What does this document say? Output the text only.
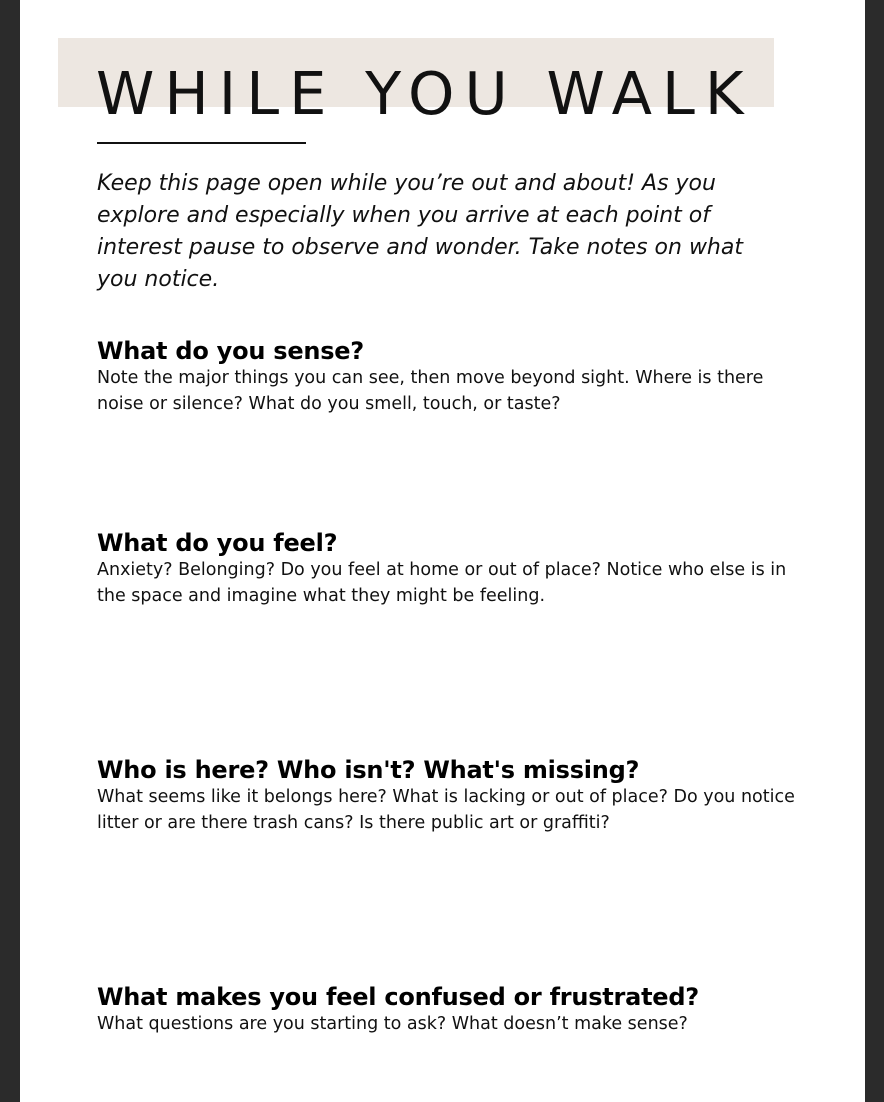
WHILE YOU WALK

Keep this page open while you’re out and about! As you explore and especially when you arrive at each point of interest pause to observe and wonder. Take notes on what you notice.

What do you sense?

Note the major things you can see, then move beyond sight. Where is there noise or silence? What do you smell, touch, or taste?

What do you feel?

Anxiety? Belonging? Do you feel at home or out of place? Notice who else is in the space and imagine what they might be feeling.

Who is here? Who isn't? What's missing?

What seems like it belongs here? What is lacking or out of place? Do you notice litter or are there trash cans? Is there public art or graffiti?

What makes you feel confused or frustrated?

What questions are you starting to ask? What doesn’t make sense?
